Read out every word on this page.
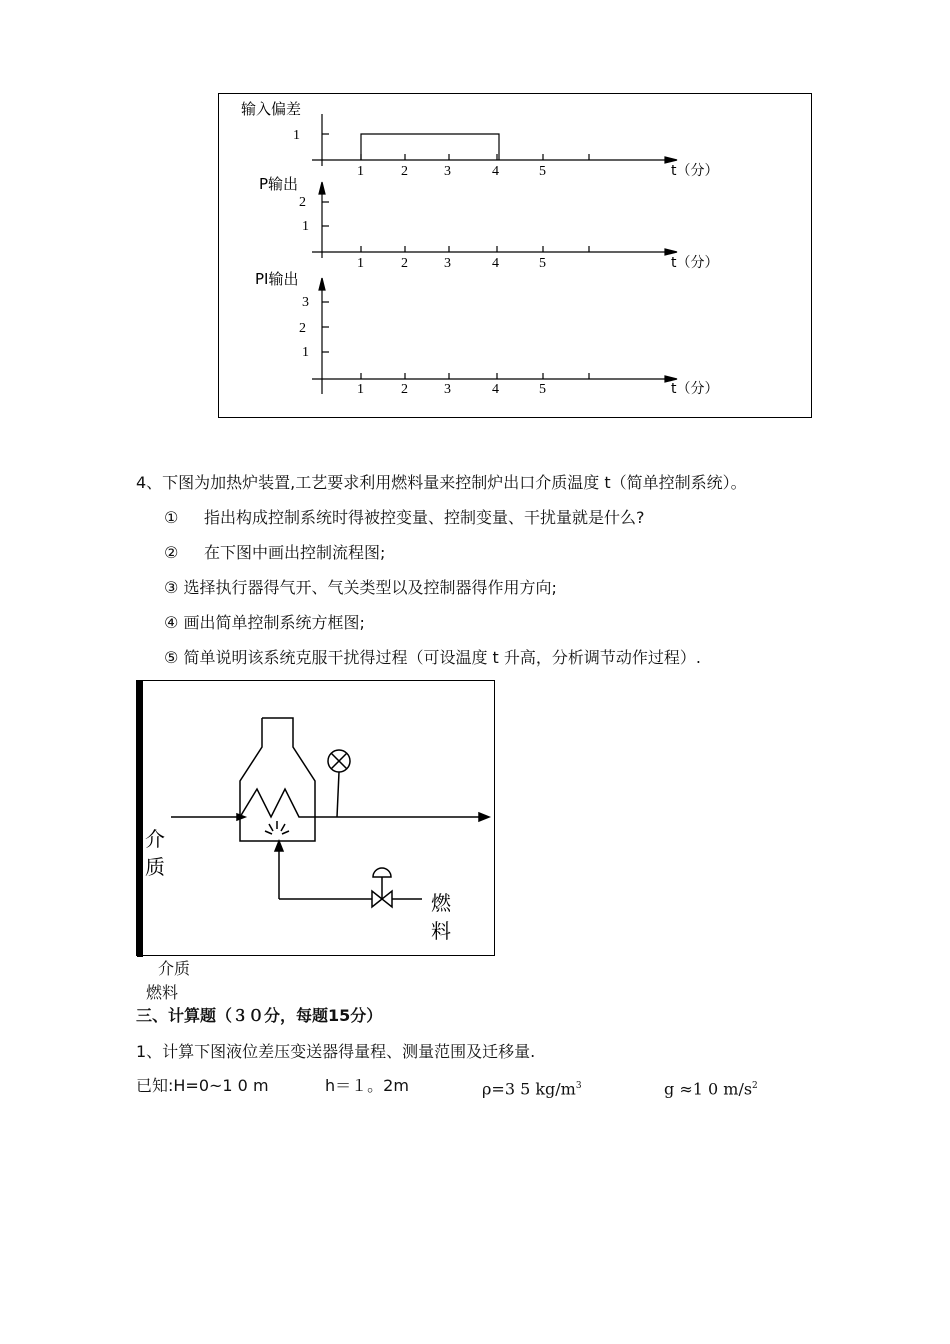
输入偏差
P输出
PI输出
1
2
1
3
2
1
1	2	3	4	5	t（分）
1	2	3	4	5	t（分）
1	2	3	4	5	t（分）
4、下图为加热炉装置,工艺要求利用燃料量来控制炉出口介质温度 t（简单控制系统）。
① 指出构成控制系统时得被控变量、控制变量、干扰量就是什么?
② 在下图中画出控制流程图;
③ 选择执行器得气开、气关类型以及控制器得作用方向;
④ 画出简单控制系统方框图;
⑤ 简单说明该系统克服干扰得过程（可设温度 t 升高，分析调节动作过程）.
介
质
燃
料
介质
燃料
三、计算题（３０分，每题15分）
1、计算下图液位差压变送器得量程、测量范围及迁移量.
已知:H=0~1 0 m	h＝１。2m	ρ=3 5 $kg/m^3$	g ≈1 0 $m/s^2$
